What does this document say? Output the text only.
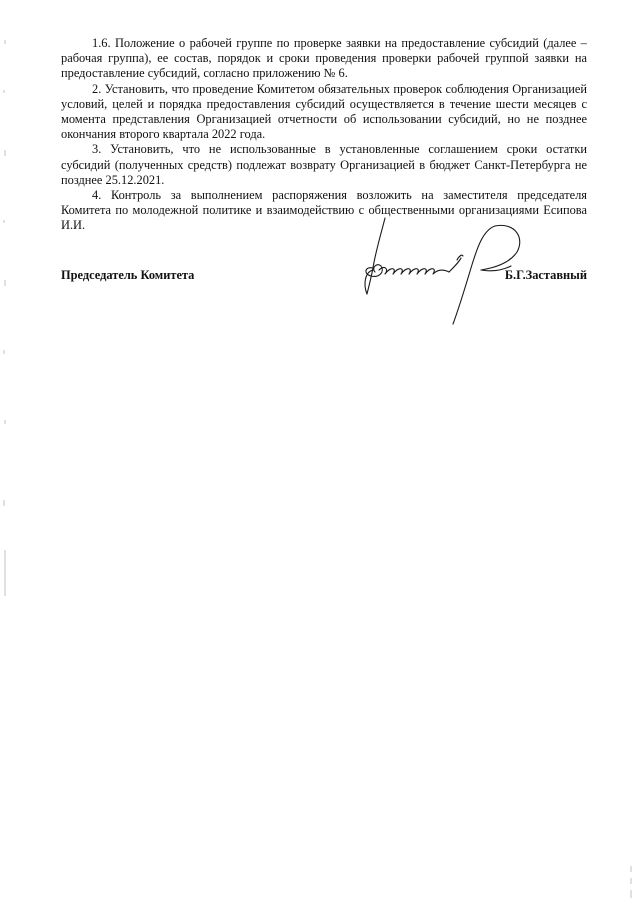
1.6. Положение о рабочей группе по проверке заявки на предоставление субсидий (далее – рабочая группа), ее состав, порядок и сроки проведения проверки рабочей группой заявки на предоставление субсидий, согласно приложению № 6.

2. Установить, что проведение Комитетом обязательных проверок соблюдения Организацией условий, целей и порядка предоставления субсидий осуществляется в течение шести месяцев с момента представления Организацией отчетности об использовании субсидий, но не позднее окончания второго квартала 2022 года.

3. Установить, что не использованные в установленные соглашением сроки остатки субсидий (полученных средств) подлежат возврату Организацией в бюджет Санкт-Петербурга не позднее 25.12.2021.

4. Контроль за выполнением распоряжения возложить на заместителя председателя Комитета по молодежной политике и взаимодействию с общественными организациями Есипова И.И.

Председатель Комитета	Б.Г.Заставный
